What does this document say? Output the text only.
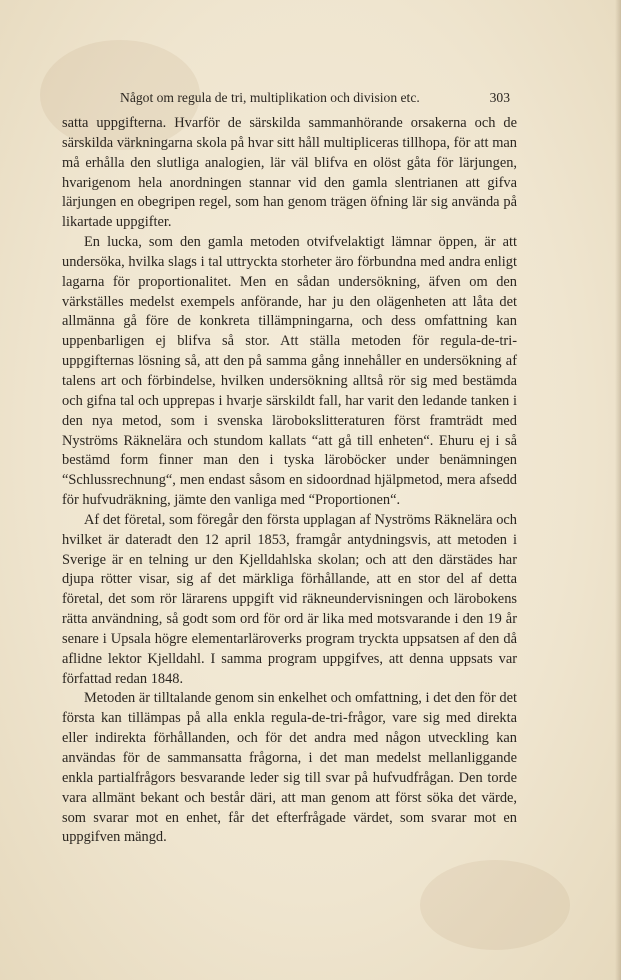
Något om regula de tri, multiplikation och division etc.	303

satta uppgifterna. Hvarför de särskilda sammanhörande orsakerna och de särskilda värkningarna skola på hvar sitt håll multipliceras tillhopa, för att man må erhålla den slutliga analogien, lär väl blifva en olöst gåta för lärjungen, hvarigenom hela anordningen stannar vid den gamla slentrianen att gifva lärjungen en obegripen regel, som han genom trägen öfning lär sig använda på likartade uppgifter.

En lucka, som den gamla metoden otvifvelaktigt lämnar öppen, är att undersöka, hvilka slags i tal uttryckta storheter äro förbundna med andra enligt lagarna för proportionalitet. Men en sådan undersökning, äfven om den värkställes medelst exempels anförande, har ju den olägenheten att låta det allmänna gå före de konkreta tillämpningarna, och dess omfattning kan uppenbarligen ej blifva så stor. Att ställa metoden för regula-de-tri-uppgifternas lösning så, att den på samma gång innehåller en undersökning af talens art och förbindelse, hvilken undersökning alltså rör sig med bestämda och gifna tal och upprepas i hvarje särskildt fall, har varit den ledande tanken i den nya metod, som i svenska lärobokslitteraturen först framträdt med Nyströms Räknelära och stundom kallats “att gå till enheten“. Ehuru ej i så bestämd form finner man den i tyska läroböcker under benämningen “Schlussrechnung“, men endast såsom en sidoordnad hjälpmetod, mera afsedd för hufvudräkning, jämte den vanliga med “Proportionen“.

Af det företal, som föregår den första upplagan af Nyströms Räknelära och hvilket är dateradt den 12 april 1853, framgår antydningsvis, att metoden i Sverige är en telning ur den Kjelldahlska skolan; och att den därstädes har djupa rötter visar, sig af det märkliga förhållande, att en stor del af detta företal, det som rör lärarens uppgift vid räkneundervisningen och lärobokens rätta användning, så godt som ord för ord är lika med motsvarande i den 19 år senare i Upsala högre elementarläroverks program tryckta uppsatsen af den då aflidne lektor Kjelldahl. I samma program uppgifves, att denna uppsats var författad redan 1848.

Metoden är tilltalande genom sin enkelhet och omfattning, i det den för det första kan tillämpas på alla enkla regula-de-tri-frågor, vare sig med direkta eller indirekta förhållanden, och för det andra med någon utveckling kan användas för de sammansatta frågorna, i det man medelst mellanliggande enkla partialfrågors besvarande leder sig till svar på hufvudfrågan. Den torde vara allmänt bekant och består däri, att man genom att först söka det värde, som svarar mot en enhet, får det efterfrågade värdet, som svarar mot en uppgifven mängd.
